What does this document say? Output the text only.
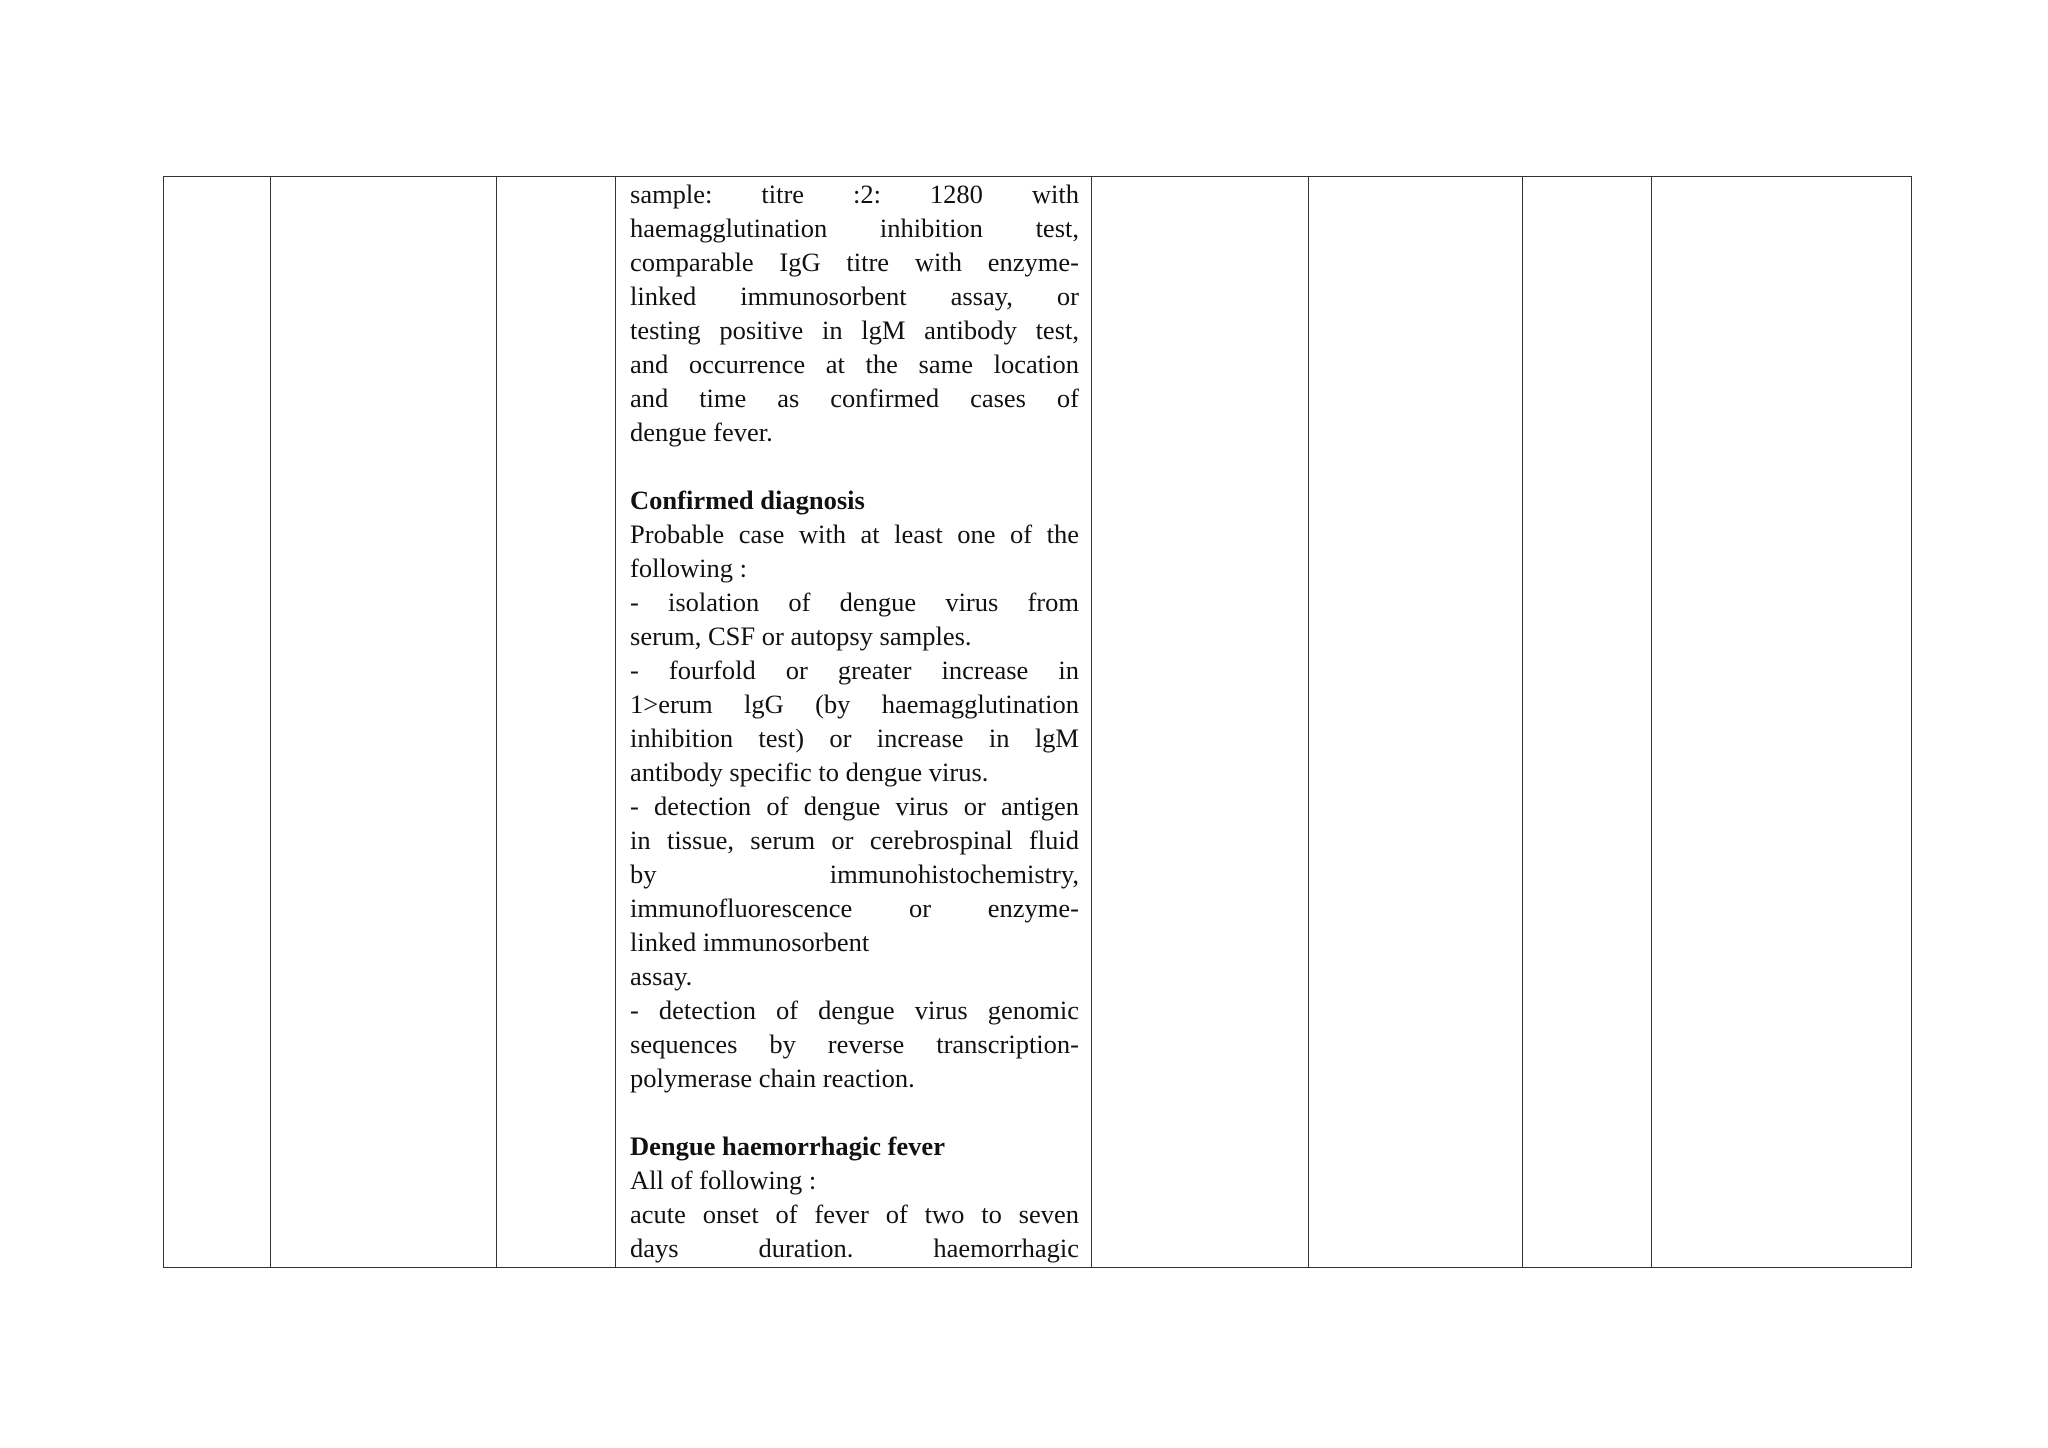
sample: titre :2: 1280 with

haemagglutination inhibition test,

comparable IgG titre with enzyme-

linked immunosorbent assay, or

testing positive in lgM antibody test,

and occurrence at the same location

and time as confirmed cases of

dengue fever.

Confirmed diagnosis

Probable case with at least one of the

following :

- isolation of dengue virus from

serum, CSF or autopsy samples.

- fourfold or greater increase in

1>erum lgG (by haemagglutination

inhibition test) or increase in lgM

antibody specific to dengue virus.

- detection of dengue virus or antigen

in tissue, serum or cerebrospinal fluid

by immunohistochemistry,

immunofluorescence or enzyme-

linked immunosorbent

assay.

- detection of dengue virus genomic

sequences by reverse transcription-

polymerase chain reaction.

Dengue haemorrhagic fever

All of following :

acute onset of fever of two to seven

days duration. haemorrhagic
